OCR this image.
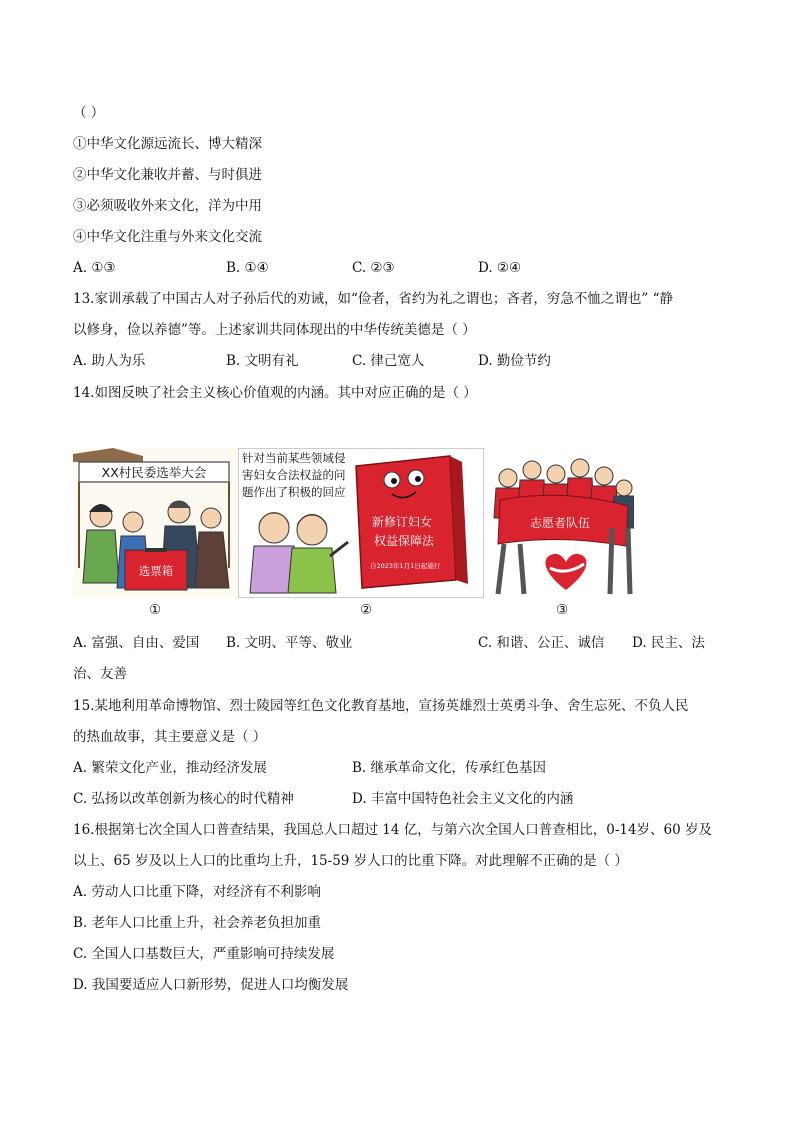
（ ）
①中华文化源远流长、博大精深
②中华文化兼收并蓄、与时俱进
③必须吸收外来文化，洋为中用
④中华文化注重与外来文化交流
A. ①③	B. ①④	C. ②③	D. ②④
13.家训承载了中国古人对子孙后代的劝诫，如“俭者，省约为礼之谓也；吝者，穷急不恤之谓也” “静
以修身，俭以养德”等。上述家训共同体现出的中华传统美德是（ ）
A. 助人为乐	B. 文明有礼	C. 律己宽人	D. 勤俭节约
14.如图反映了社会主义核心价值观的内涵。其中对应正确的是（ ）
XX村民委选举大会
选票箱
针对当前某些领域侵
害妇女合法权益的问
题作出了积极的回应
新修订妇女
权益保障法
自2023年1月1日起施行
志愿者队伍
①	②	③
A. 富强、自由、爱国 B. 文明、平等、敬业	C. 和谐、公正、诚信 D. 民主、法
治、友善
15.某地利用革命博物馆、烈士陵园等红色文化教育基地，宣扬英雄烈士英勇斗争、舍生忘死、不负人民
的热血故事，其主要意义是（ ）
A. 繁荣文化产业，推动经济发展	B. 继承革命文化，传承红色基因
C. 弘扬以改革创新为核心的时代精神	D. 丰富中国特色社会主义文化的内涵
16.根据第七次全国人口普查结果，我国总人口超过 14 亿，与第六次全国人口普查相比，0-14岁、60 岁及
以上、65 岁及以上人口的比重均上升，15-59 岁人口的比重下降。对此理解不正确的是（ ）
A. 劳动人口比重下降，对经济有不利影响
B. 老年人口比重上升，社会养老负担加重
C. 全国人口基数巨大，严重影响可持续发展
D. 我国要适应人口新形势，促进人口均衡发展
